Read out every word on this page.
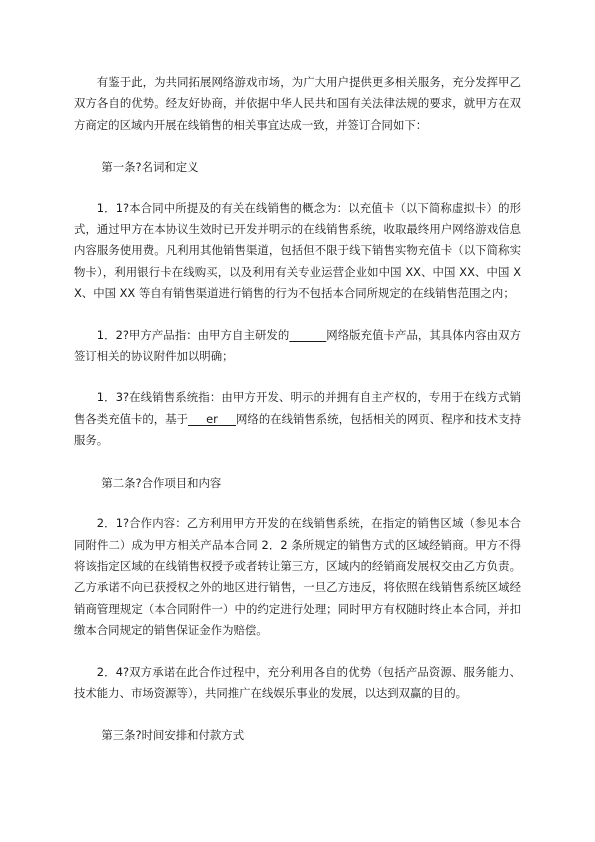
有鉴于此，为共同拓展网络游戏市场，为广大用户提供更多相关服务，充分发挥甲乙双方各自的优势。经友好协商，并依据中华人民共和国有关法律法规的要求，就甲方在双方商定的区域内开展在线销售的相关事宜达成一致，并签订合同如下：

第一条?名词和定义

1．1?本合同中所提及的有关在线销售的概念为：以充值卡（以下简称虚拟卡）的形式，通过甲方在本协议生效时已开发并明示的在线销售系统，收取最终用户网络游戏信息内容服务使用费。凡利用其他销售渠道，包括但不限于线下销售实物充值卡（以下简称实物卡），利用银行卡在线购买，以及利用有关专业运营企业如中国 XX、中国 XX、中国 XX、中国 XX 等自有销售渠道进行销售的行为不包括本合同所规定的在线销售范围之内；

1．2?甲方产品指：由甲方自主研发的	网络版充值卡产品，其具体内容由双方签订相关的协议附件加以明确；

1．3?在线销售系统指：由甲方开发、明示的并拥有自主产权的，专用于在线方式销售各类充值卡的，基于 er 网络的在线销售系统，包括相关的网页、程序和技术支持服务。

第二条?合作项目和内容

2．1?合作内容：乙方利用甲方开发的在线销售系统，在指定的销售区域（参见本合同附件二）成为甲方相关产品本合同 2．2 条所规定的销售方式的区域经销商。甲方不得将该指定区域的在线销售权授予或者转让第三方，区域内的经销商发展权交由乙方负责。乙方承诺不向已获授权之外的地区进行销售，一旦乙方违反，将依照在线销售系统区域经销商管理规定（本合同附件一）中的约定进行处理；同时甲方有权随时终止本合同，并扣缴本合同规定的销售保证金作为赔偿。

2．4?双方承诺在此合作过程中，充分利用各自的优势（包括产品资源、服务能力、技术能力、市场资源等），共同推广在线娱乐事业的发展，以达到双赢的目的。

第三条?时间安排和付款方式
